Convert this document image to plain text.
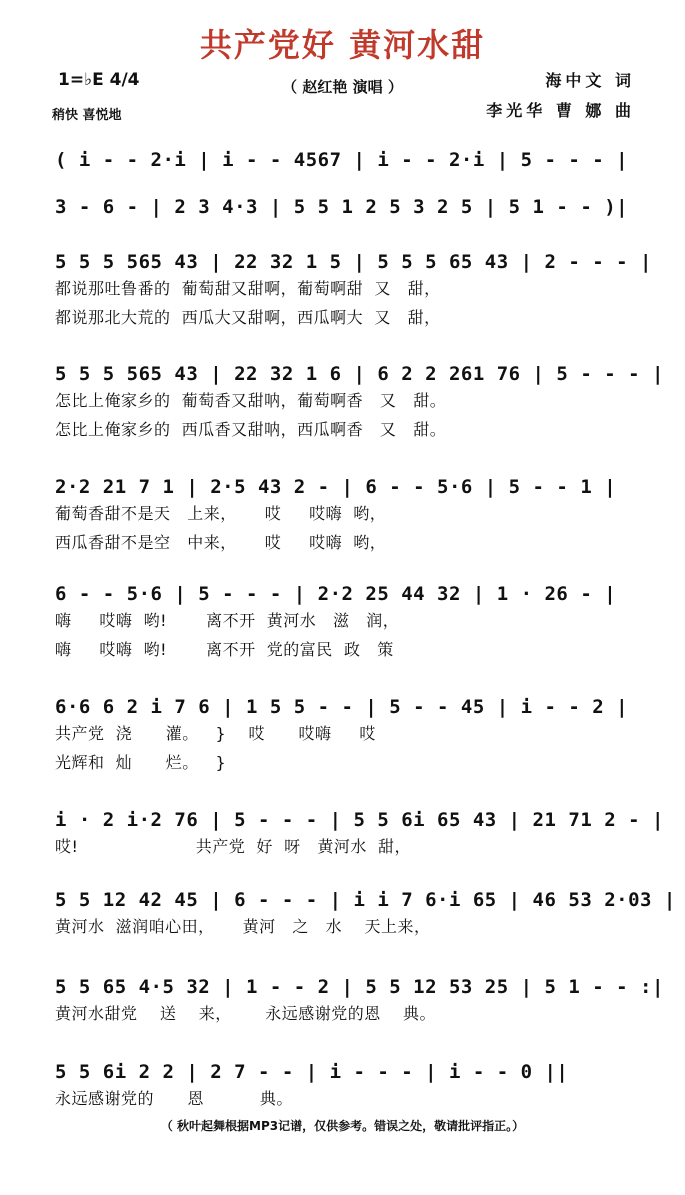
共产党好 黄河水甜
1=♭E 4/4
稍快 喜悦地
（ 赵红艳 演唱 ）	海中文 词
李光华 曹 娜 曲
( i - - 2·i | i - - 4567 | i - - 2·i | 5 - - - |
3 - 6 - | 2 3 4·3 | 5 5 1 2 5 3 2 5 | 5 1 - - )|
5 5 5 565 43 | 22 32 1 5 | 5 5 5 65 43 | 2 - - - |
都说那吐鲁番的  葡萄甜又甜啊，葡萄啊甜  又   甜，
都说那北大荒的  西瓜大又甜啊，西瓜啊大  又   甜，
5 5 5 565 43 | 22 32 1 6 | 6 2 2 261 76 | 5 - - - |
怎比上俺家乡的  葡萄香又甜呐，葡萄啊香   又   甜。
怎比上俺家乡的  西瓜香又甜呐，西瓜啊香   又   甜。
2·2 21 7 1 | 2·5 43 2 - | 6 - - 5·6 | 5 - - 1 |
葡萄香甜不是天   上来，     哎     哎嗨  哟，
西瓜香甜不是空   中来，     哎     哎嗨  哟，
6 - - 5·6 | 5 - - - | 2·2 25 44 32 | 1 · 26 - |
嗨     哎嗨  哟!       离不开  黄河水   滋   润，
嗨     哎嗨  哟!       离不开  党的富民  政   策
6·6 6 2 i 7 6 | 1 5 5 - - | 5 - - 45 | i - - 2 |
共产党  浇      灌。   }    哎      哎嗨     哎
光辉和  灿      烂。   }
i · 2 i·2 76 | 5 - - - | 5 5 6i 65 43 | 21 71 2 - |
哎!                     共产党  好  呀   黄河水  甜，
5 5 12 42 45 | 6 - - - | i i 7 6·i 65 | 46 53 2·03 |
黄河水  滋润咱心田，     黄河   之   水    天上来，
5 5 65 4·5 32 | 1 - - 2 | 5 5 12 53 25 | 5 1 - - :|
黄河水甜党    送    来，      永远感谢党的恩    典。
5 5 6i 2 2 | 2 7 - - | i - - - | i - - 0 ||
永远感谢党的      恩          典。
（ 秋叶起舞根据MP3记谱，仅供参考。错误之处，敬请批评指正。）
